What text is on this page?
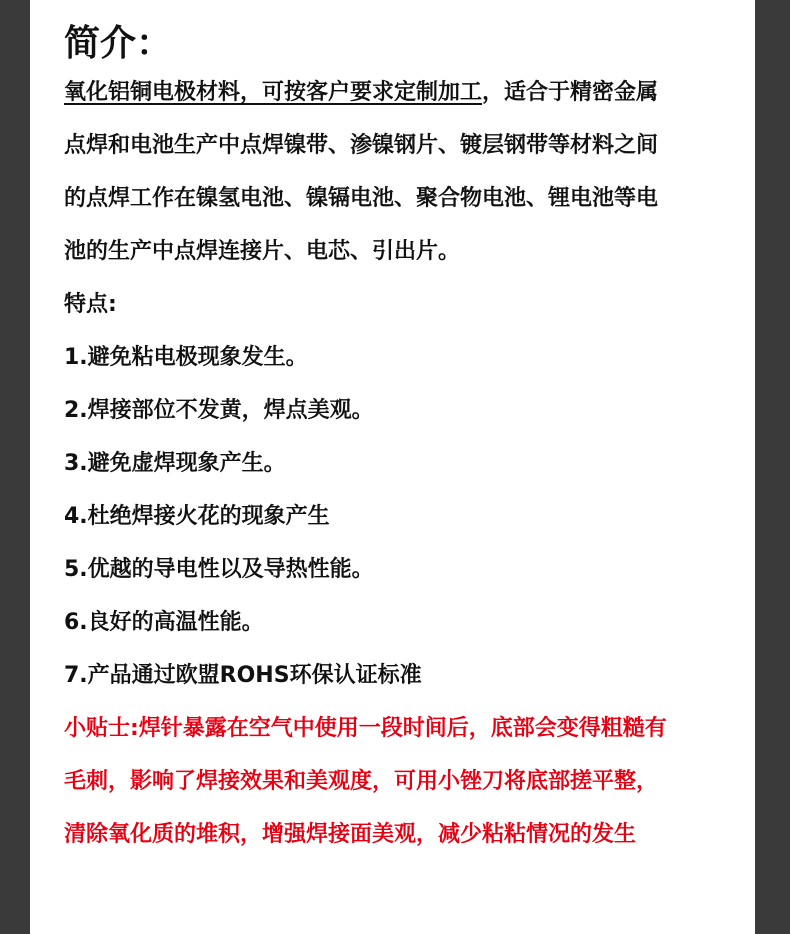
简介：
氧化铝铜电极材料，可按客户要求定制加工，适合于精密金属
点焊和电池生产中点焊镍带、渗镍钢片、镀层钢带等材料之间
的点焊工作在镍氢电池、镍镉电池、聚合物电池、锂电池等电
池的生产中点焊连接片、电芯、引出片。
特点:
1.避免粘电极现象发生。
2.焊接部位不发黄，焊点美观。
3.避免虚焊现象产生。
4.杜绝焊接火花的现象产生
5.优越的导电性以及导热性能。
6.良好的高温性能。
7.产品通过欧盟ROHS环保认证标准
小贴士:焊针暴露在空气中使用一段时间后，底部会变得粗糙有
毛刺，影响了焊接效果和美观度，可用小锉刀将底部搓平整，
清除氧化质的堆积，增强焊接面美观，减少粘粘情况的发生
